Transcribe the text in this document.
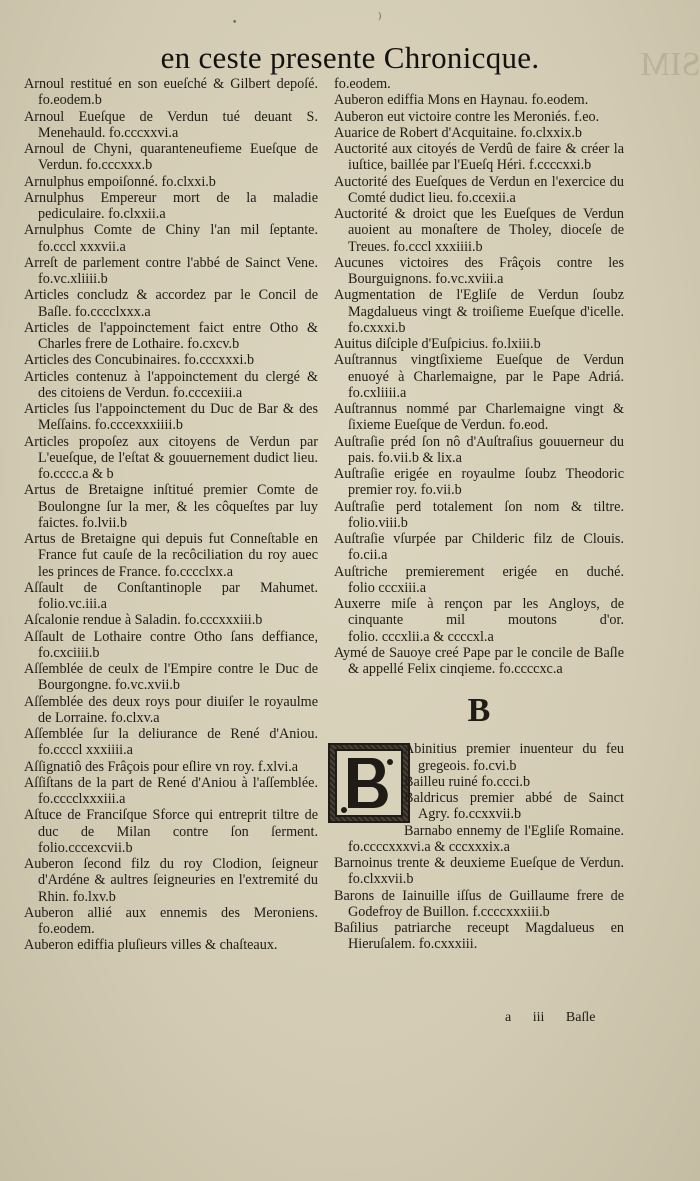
SIM
•
)
en ceste presente Chronicque.

Arnoul restitué en son eueſché & Gilbert depoſé. fo.eodem.b

Arnoul Eueſque de Verdun tué deuant S. Menehauld. fo.cccxxvi.a

Arnoul de Chyni, quaranteneufieme Eueſque de Verdun. fo.cccxxx.b

Arnulphus empoiſonné. fo.clxxi.b

Arnulphus Empereur mort de la maladie pediculaire. fo.clxxii.a

Arnulphus Comte de Chiny l'an mil ſeptante. fo.cccl xxxvii.a

Arreſt de parlement contre l'abbé de Sainct Vene. fo.vc.xliiii.b

Articles concludz & accordez par le Concil de Baſle. fo.cccclxxx.a

Articles de l'appoinctement faict entre Otho & Charles frere de Lothaire. fo.cxcv.b

Articles des Concubinaires. fo.cccxxxi.b

Articles contenuz à l'appoinctement du clergé & des citoiens de Verdun. fo.cccexiii.a

Articles ſus l'appoinctement du Duc de Bar & des Meſſains. fo.cccexxxiiii.b

Articles propoſez aux citoyens de Verdun par L'eueſque, de l'eſtat & gouuernement dudict lieu. fo.cccc.a & b

Artus de Bretaigne inſtitué premier Comte de Boulongne ſur la mer, & les côqueſtes par luy faictes. fo.lvii.b

Artus de Bretaigne qui depuis fut Conneſtable en France fut cauſe de la recôciliation du roy auec les princes de France. fo.cccclxx.a

Aſſault de Conſtantinople par Mahumet. folio.vc.iii.a

Aſcalonie rendue à Saladin. fo.cccxxxiii.b

Aſſault de Lothaire contre Otho ſans deffiance, fo.cxciiii.b

Aſſemblée de ceulx de l'Empire contre le Duc de Bourgongne. fo.vc.xvii.b

Aſſemblée des deux roys pour diuiſer le royaulme de Lorraine. fo.clxv.a

Aſſemblée ſur la deliurance de René d'Aniou. fo.ccccl xxxiiii.a

Aſſignatiô des Frâçois pour eſlire vn roy. f.xlvi.a

Aſſiſtans de la part de René d'Aniou à l'aſſemblée. fo.cccclxxxiii.a

Aſtuce de Franciſque Sforce qui entreprit tiltre de duc de Milan contre ſon ſerment. folio.cccexcvii.b

Auberon ſecond filz du roy Clodion, ſeigneur d'Ardéne & aultres ſeigneuries en l'extremité du Rhin. fo.lxv.b

Auberon allié aux ennemis des Meroniens. fo.eodem.

Auberon ediffia pluſieurs villes & chaſteaux.

fo.eodem.

Auberon ediffia Mons en Haynau. fo.eodem.

Auberon eut victoire contre les Meroniés. f.eo.

Auarice de Robert d'Acquitaine. fo.clxxix.b

Auctorité aux citoyés de Verdû de faire & créer la iuſtice, baillée par l'Eueſq Héri. f.ccccxxi.b

Auctorité des Eueſques de Verdun en l'exercice du Comté dudict lieu. fo.ccexii.a

Auctorité & droict que les Eueſques de Verdun auoient au monaſtere de Tholey, dioceſe de Treues. fo.cccl xxxiiii.b

Aucunes victoires des Frâçois contre les Bourguignons. fo.vc.xviii.a

Augmentation de l'Egliſe de Verdun ſoubz Magdalueus vingt & troiſieme Eueſque d'icelle. fo.cxxxi.b

Auitus diſciple d'Euſpicius. fo.lxiii.b

Auſtrannus vingtſixieme Eueſque de Verdun enuoyé à Charlemaigne, par le Pape Adriá. fo.cxliiii.a

Auſtrannus nommé par Charlemaigne vingt & ſixieme Eueſque de Verdun. fo.eod.

Auſtraſie préd ſon nô d'Auſtraſius gouuerneur du pais. fo.vii.b & lix.a

Auſtraſie erigée en royaulme ſoubz Theodoric premier roy. fo.vii.b

Auſtraſie perd totalement ſon nom & tiltre. folio.viii.b

Auſtraſie vſurpée par Childeric filz de Clouis. fo.cii.a

Auſtriche premierement erigée en duché. folio cccxiii.a

Auxerre miſe à rençon par les Angloys, de cinquante mil moutons d'or. folio. cccxlii.a & ccccxl.a

Aymé de Sauoye creé Pape par le concile de Baſle & appellé Felix cinqieme. fo.ccccxc.a

B

Abinitius premier inuenteur du feu gregeois. fo.cvi.b

Bailleu ruiné fo.ccci.b

Baldricus premier abbé de Sainct Agry. fo.ccxxvii.b

Barnabo ennemy de l'Egliſe Romaine. fo.ccccxxxvi.a & cccxxxix.a

Barnoinus trente & deuxieme Eueſque de Verdun. fo.clxxvii.b

Barons de Iainuille iſſus de Guillaume frere de Godefroy de Buillon. f.ccccxxxiii.b

Baſilius patriarche receupt Magdalueus en Hieruſalem. fo.cxxxiii.

a iii Baſle
